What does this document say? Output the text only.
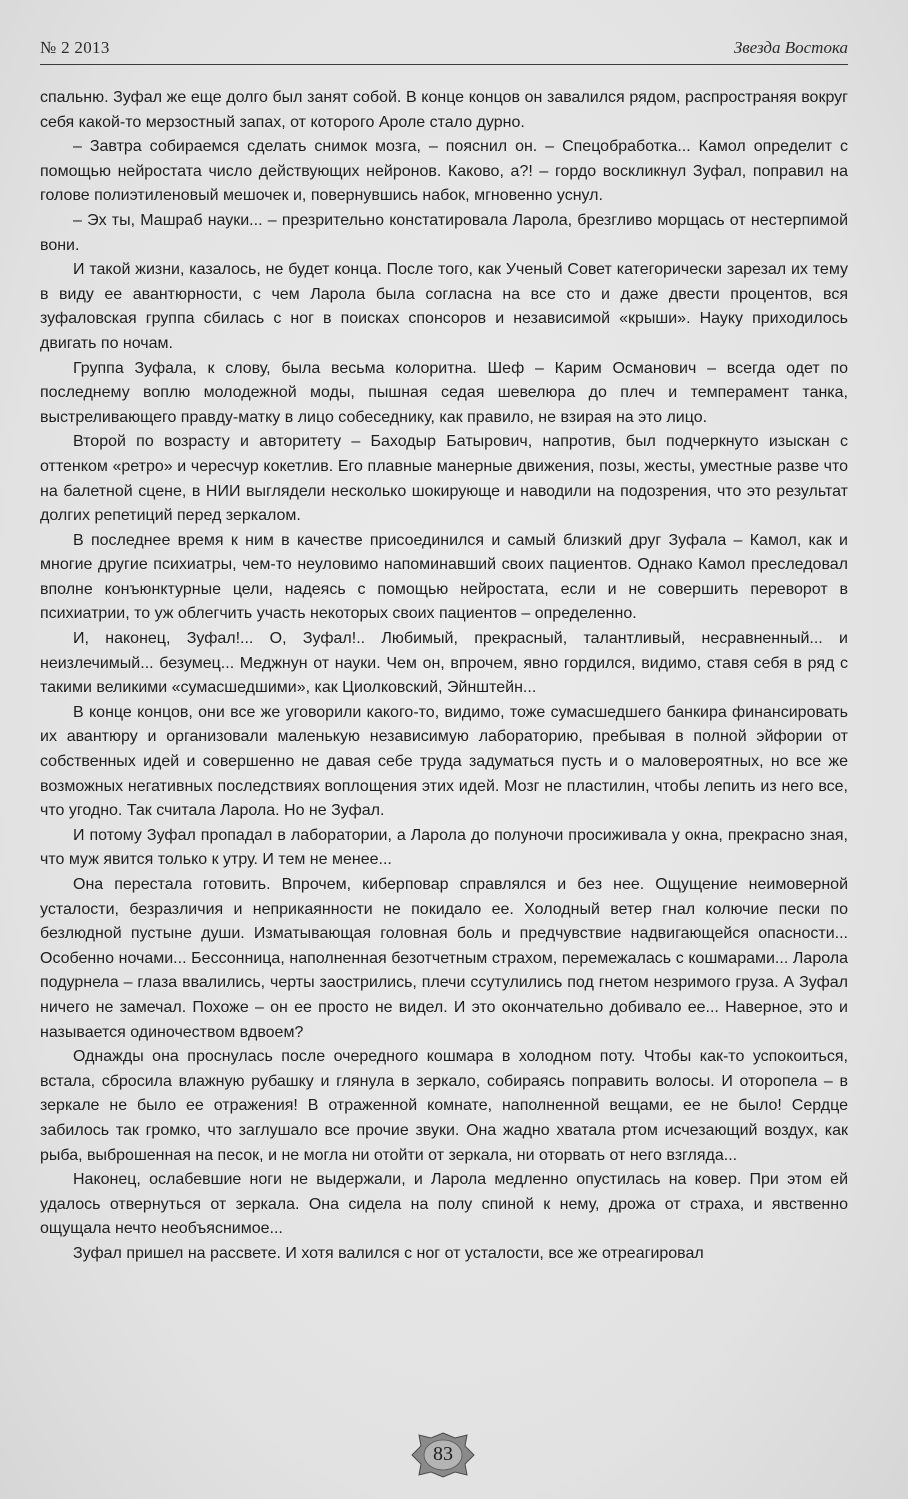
№ 2 2013	Звезда Востока

спальню. Зуфал же еще долго был занят собой. В конце концов он завалился рядом, распространяя вокруг себя какой-то мерзостный запах, от которого Ароле стало дурно.

– Завтра собираемся сделать снимок мозга, – пояснил он. – Спецобработка... Камол определит с помощью нейростата число действующих нейронов. Каково, а?! – гордо воскликнул Зуфал, поправил на голове полиэтиленовый мешочек и, повернувшись набок, мгновенно уснул.

– Эх ты, Машраб науки... – презрительно констатировала Ларола, брезгливо морщась от нестерпимой вони.

И такой жизни, казалось, не будет конца. После того, как Ученый Совет категорически зарезал их тему в виду ее авантюрности, с чем Ларола была согласна на все сто и даже двести процентов, вся зуфаловская группа сбилась с ног в поисках спонсоров и независимой «крыши». Науку приходилось двигать по ночам.

Группа Зуфала, к слову, была весьма колоритна. Шеф – Карим Османович – всегда одет по последнему воплю молодежной моды, пышная седая шевелюра до плеч и темперамент танка, выстреливающего правду-матку в лицо собеседнику, как правило, не взирая на это лицо.

Второй по возрасту и авторитету – Баходыр Батырович, напротив, был подчеркнуто изыскан с оттенком «ретро» и чересчур кокетлив. Его плавные манерные движения, позы, жесты, уместные разве что на балетной сцене, в НИИ выглядели несколько шокирующе и наводили на подозрения, что это результат долгих репетиций перед зеркалом.

В последнее время к ним в качестве присоединился и самый близкий друг Зуфала – Камол, как и многие другие психиатры, чем-то неуловимо напоминавший своих пациентов. Однако Камол преследовал вполне конъюнктурные цели, надеясь с помощью нейростата, если и не совершить переворот в психиатрии, то уж облегчить участь некоторых своих пациентов – определенно.

И, наконец, Зуфал!... О, Зуфал!.. Любимый, прекрасный, талантливый, несравненный... и неизлечимый... безумец... Меджнун от науки. Чем он, впрочем, явно гордился, видимо, ставя себя в ряд с такими великими «сумасшедшими», как Циолковский, Эйнштейн...

В конце концов, они все же уговорили какого-то, видимо, тоже сумасшедшего банкира финансировать их авантюру и организовали маленькую независимую лабораторию, пребывая в полной эйфории от собственных идей и совершенно не давая себе труда задуматься пусть и о маловероятных, но все же возможных негативных последствиях воплощения этих идей. Мозг не пластилин, чтобы лепить из него все, что угодно. Так считала Ларола. Но не Зуфал.

И потому Зуфал пропадал в лаборатории, а Ларола до полуночи просиживала у окна, прекрасно зная, что муж явится только к утру. И тем не менее...

Она перестала готовить. Впрочем, киберповар справлялся и без нее. Ощущение неимоверной усталости, безразличия и неприкаянности не покидало ее. Холодный ветер гнал колючие пески по безлюдной пустыне души. Изматывающая головная боль и предчувствие надвигающейся опасности... Особенно ночами... Бессонница, наполненная безотчетным страхом, перемежалась с кошмарами... Ларола подурнела – глаза ввалились, черты заострились, плечи ссутулились под гнетом незримого груза. А Зуфал ничего не замечал. Похоже – он ее просто не видел. И это окончательно добивало ее... Наверное, это и называется одиночеством вдвоем?

Однажды она проснулась после очередного кошмара в холодном поту. Чтобы как-то успокоиться, встала, сбросила влажную рубашку и глянула в зеркало, собираясь поправить волосы. И оторопела – в зеркале не было ее отражения! В отраженной комнате, наполненной вещами, ее не было! Сердце забилось так громко, что заглушало все прочие звуки. Она жадно хватала ртом исчезающий воздух, как рыба, выброшенная на песок, и не могла ни отойти от зеркала, ни оторвать от него взгляда...

Наконец, ослабевшие ноги не выдержали, и Ларола медленно опустилась на ковер. При этом ей удалось отвернуться от зеркала. Она сидела на полу спиной к нему, дрожа от страха, и явственно ощущала нечто необъяснимое...

Зуфал пришел на рассвете. И хотя валился с ног от усталости, все же отреагировал

83
